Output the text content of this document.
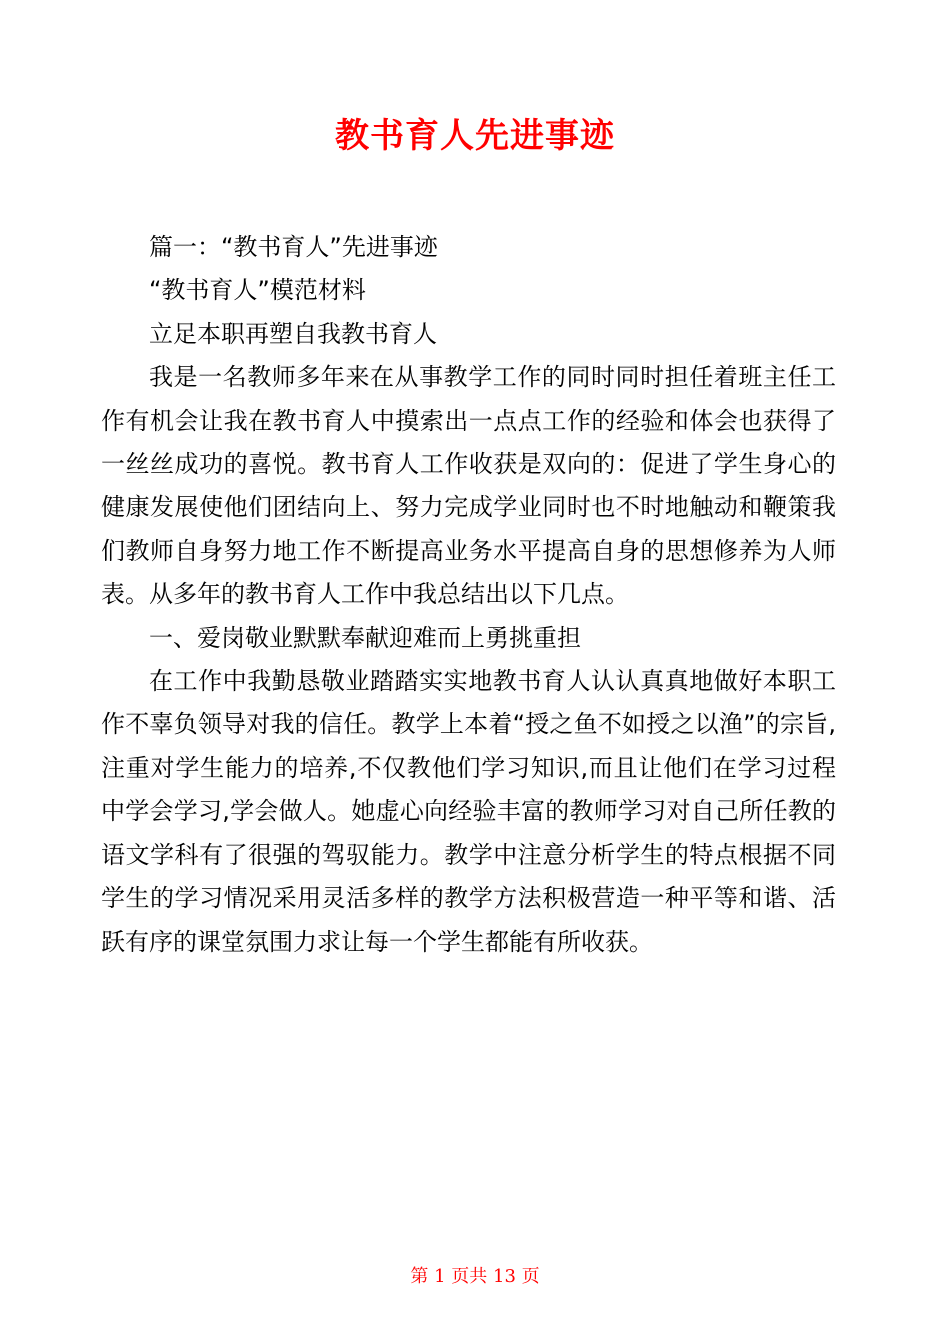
教书育人先进事迹

篇一：“教书育人”先进事迹

“教书育人”模范材料

立足本职再塑自我教书育人

我是一名教师多年来在从事教学工作的同时同时担任着班主任工作有机会让我在教书育人中摸索出一点点工作的经验和体会也获得了一丝丝成功的喜悦。教书育人工作收获是双向的：促进了学生身心的健康发展使他们团结向上、努力完成学业同时也不时地触动和鞭策我们教师自身努力地工作不断提高业务水平提高自身的思想修养为人师表。从多年的教书育人工作中我总结出以下几点。

一、爱岗敬业默默奉献迎难而上勇挑重担

在工作中我勤恳敬业踏踏实实地教书育人认认真真地做好本职工作不辜负领导对我的信任。教学上本着“授之鱼不如授之以渔”的宗旨,注重对学生能力的培养,不仅教他们学习知识,而且让他们在学习过程中学会学习,学会做人。她虚心向经验丰富的教师学习对自己所任教的语文学科有了很强的驾驭能力。教学中注意分析学生的特点根据不同学生的学习情况采用灵活多样的教学方法积极营造一种平等和谐、活跃有序的课堂氛围力求让每一个学生都能有所收获。

第 1 页共 13 页
